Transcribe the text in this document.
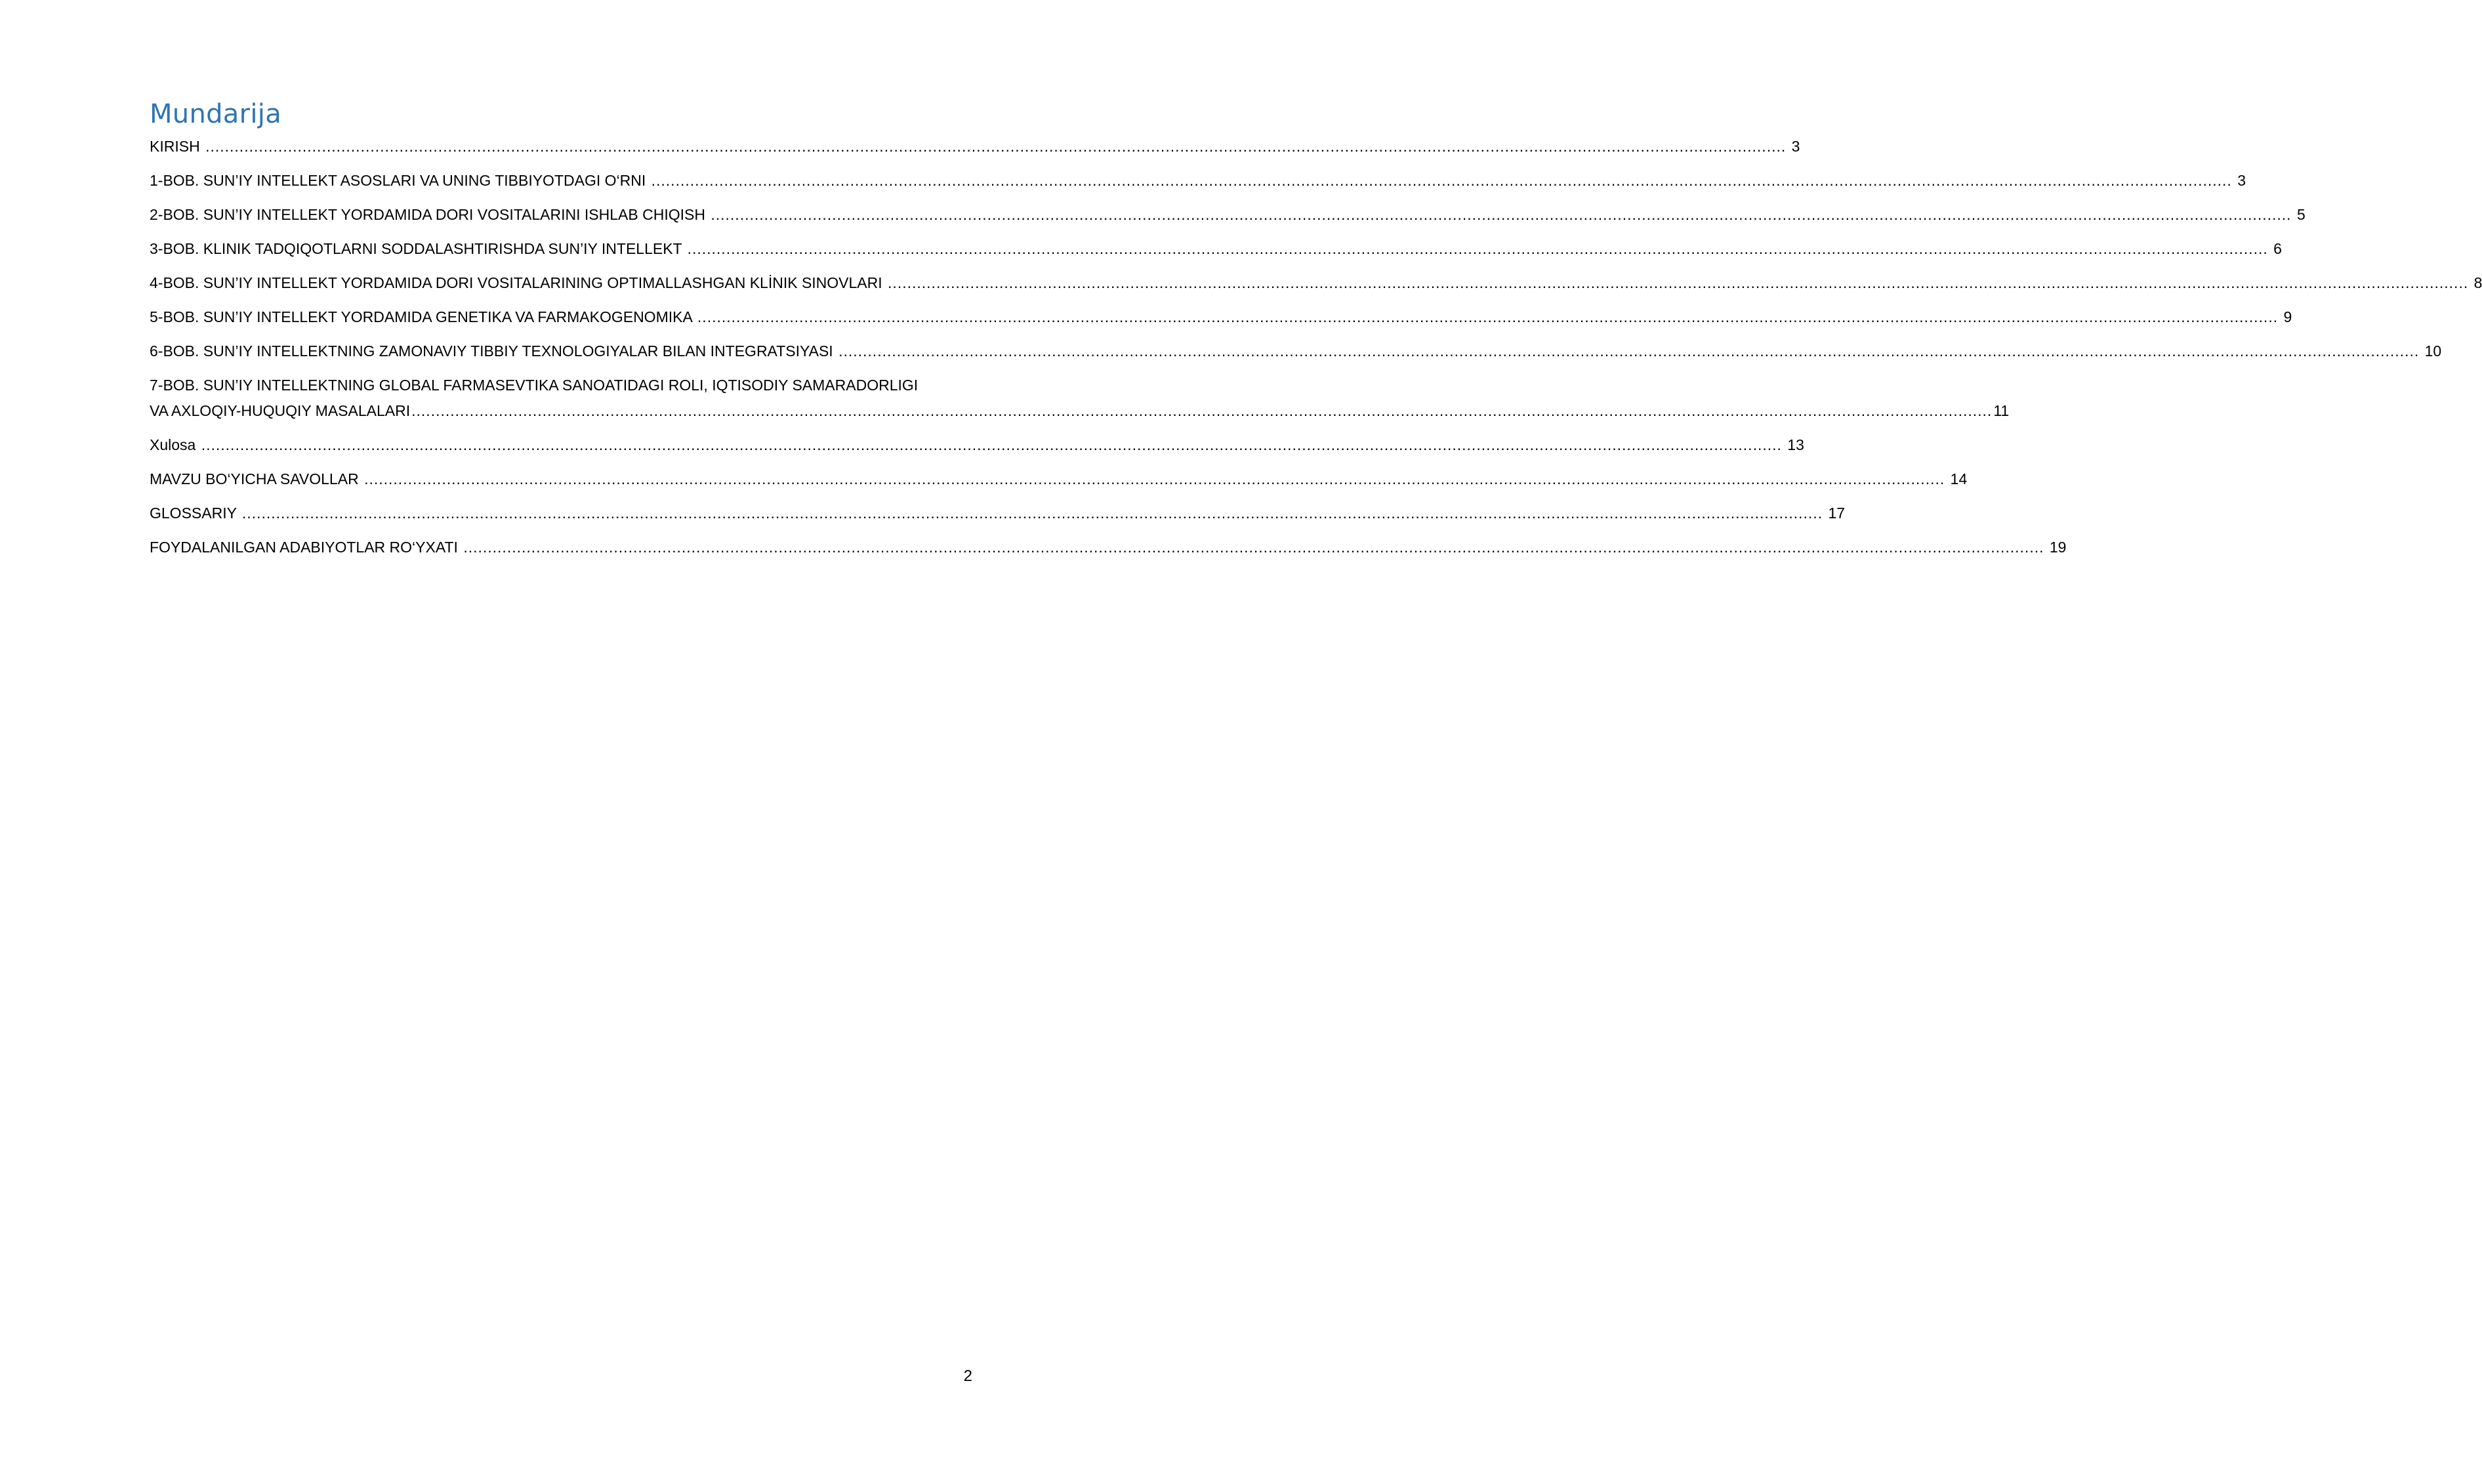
Mundarija
KIRISH .....	3
1-BOB. SUN’IY INTELLEKT ASOSLARI VA UNING TIBBIYOTDAGI O‘RNI .....	3
2-BOB. SUN’IY INTELLEKT YORDAMIDA DORI VOSITALARINI ISHLAB CHIQISH .....	5
3-BOB. KLINIK TADQIQOTLARNI SODDALASHTIRISHDA SUN’IY INTELLEKT .....	6
4-BOB. SUN’IY INTELLEKT YORDAMIDA DORI VOSITALARINING OPTIMALLASHGAN KLİNIK SINOVLARI .....	8
5-BOB. SUN’IY INTELLEKT YORDAMIDA GENETIKA VA FARMAKOGENOMIKA .....	9
6-BOB. SUN’IY INTELLEKTNING ZAMONAVIY TIBBIY TEXNOLOGIYALAR BILAN INTEGRATSIYASI .....	10
7-BOB. SUN’IY INTELLEKTNING GLOBAL FARMASEVTIKA SANOATIDAGI ROLI, IQTISODIY SAMARADORLIGI
VA AXLOQIY-HUQUQIY MASALALARI .....	11
Xulosa .....	13
MAVZU BO‘YICHA SAVOLLAR .....	14
GLOSSARIY .....	17
FOYDALANILGAN ADABIYOTLAR RO‘YXATI .....	19
2
